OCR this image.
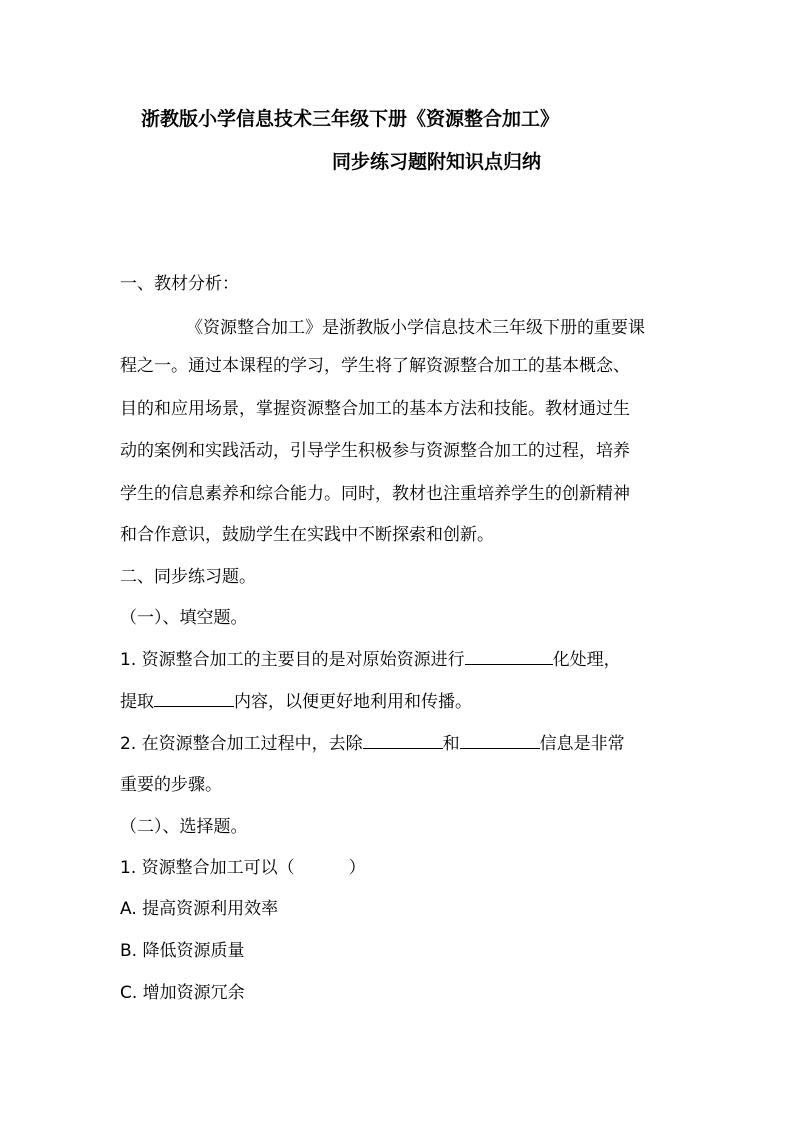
浙教版小学信息技术三年级下册《资源整合加工》
同步练习题附知识点归纳
一、教材分析：
《资源整合加工》是浙教版小学信息技术三年级下册的重要课
程之一。通过本课程的学习，学生将了解资源整合加工的基本概念、
目的和应用场景，掌握资源整合加工的基本方法和技能。教材通过生
动的案例和实践活动，引导学生积极参与资源整合加工的过程，培养
学生的信息素养和综合能力。同时，教材也注重培养学生的创新精神
和合作意识，鼓励学生在实践中不断探索和创新。
二、同步练习题。
（一）、填空题。
1. 资源整合加工的主要目的是对原始资源进行	化处理，
提取	内容，以便更好地利用和传播。
2. 在资源整合加工过程中，去除	和	信息是非常
重要的步骤。
（二）、选择题。
1. 资源整合加工可以（	）
A. 提高资源利用效率
B. 降低资源质量
C. 增加资源冗余
